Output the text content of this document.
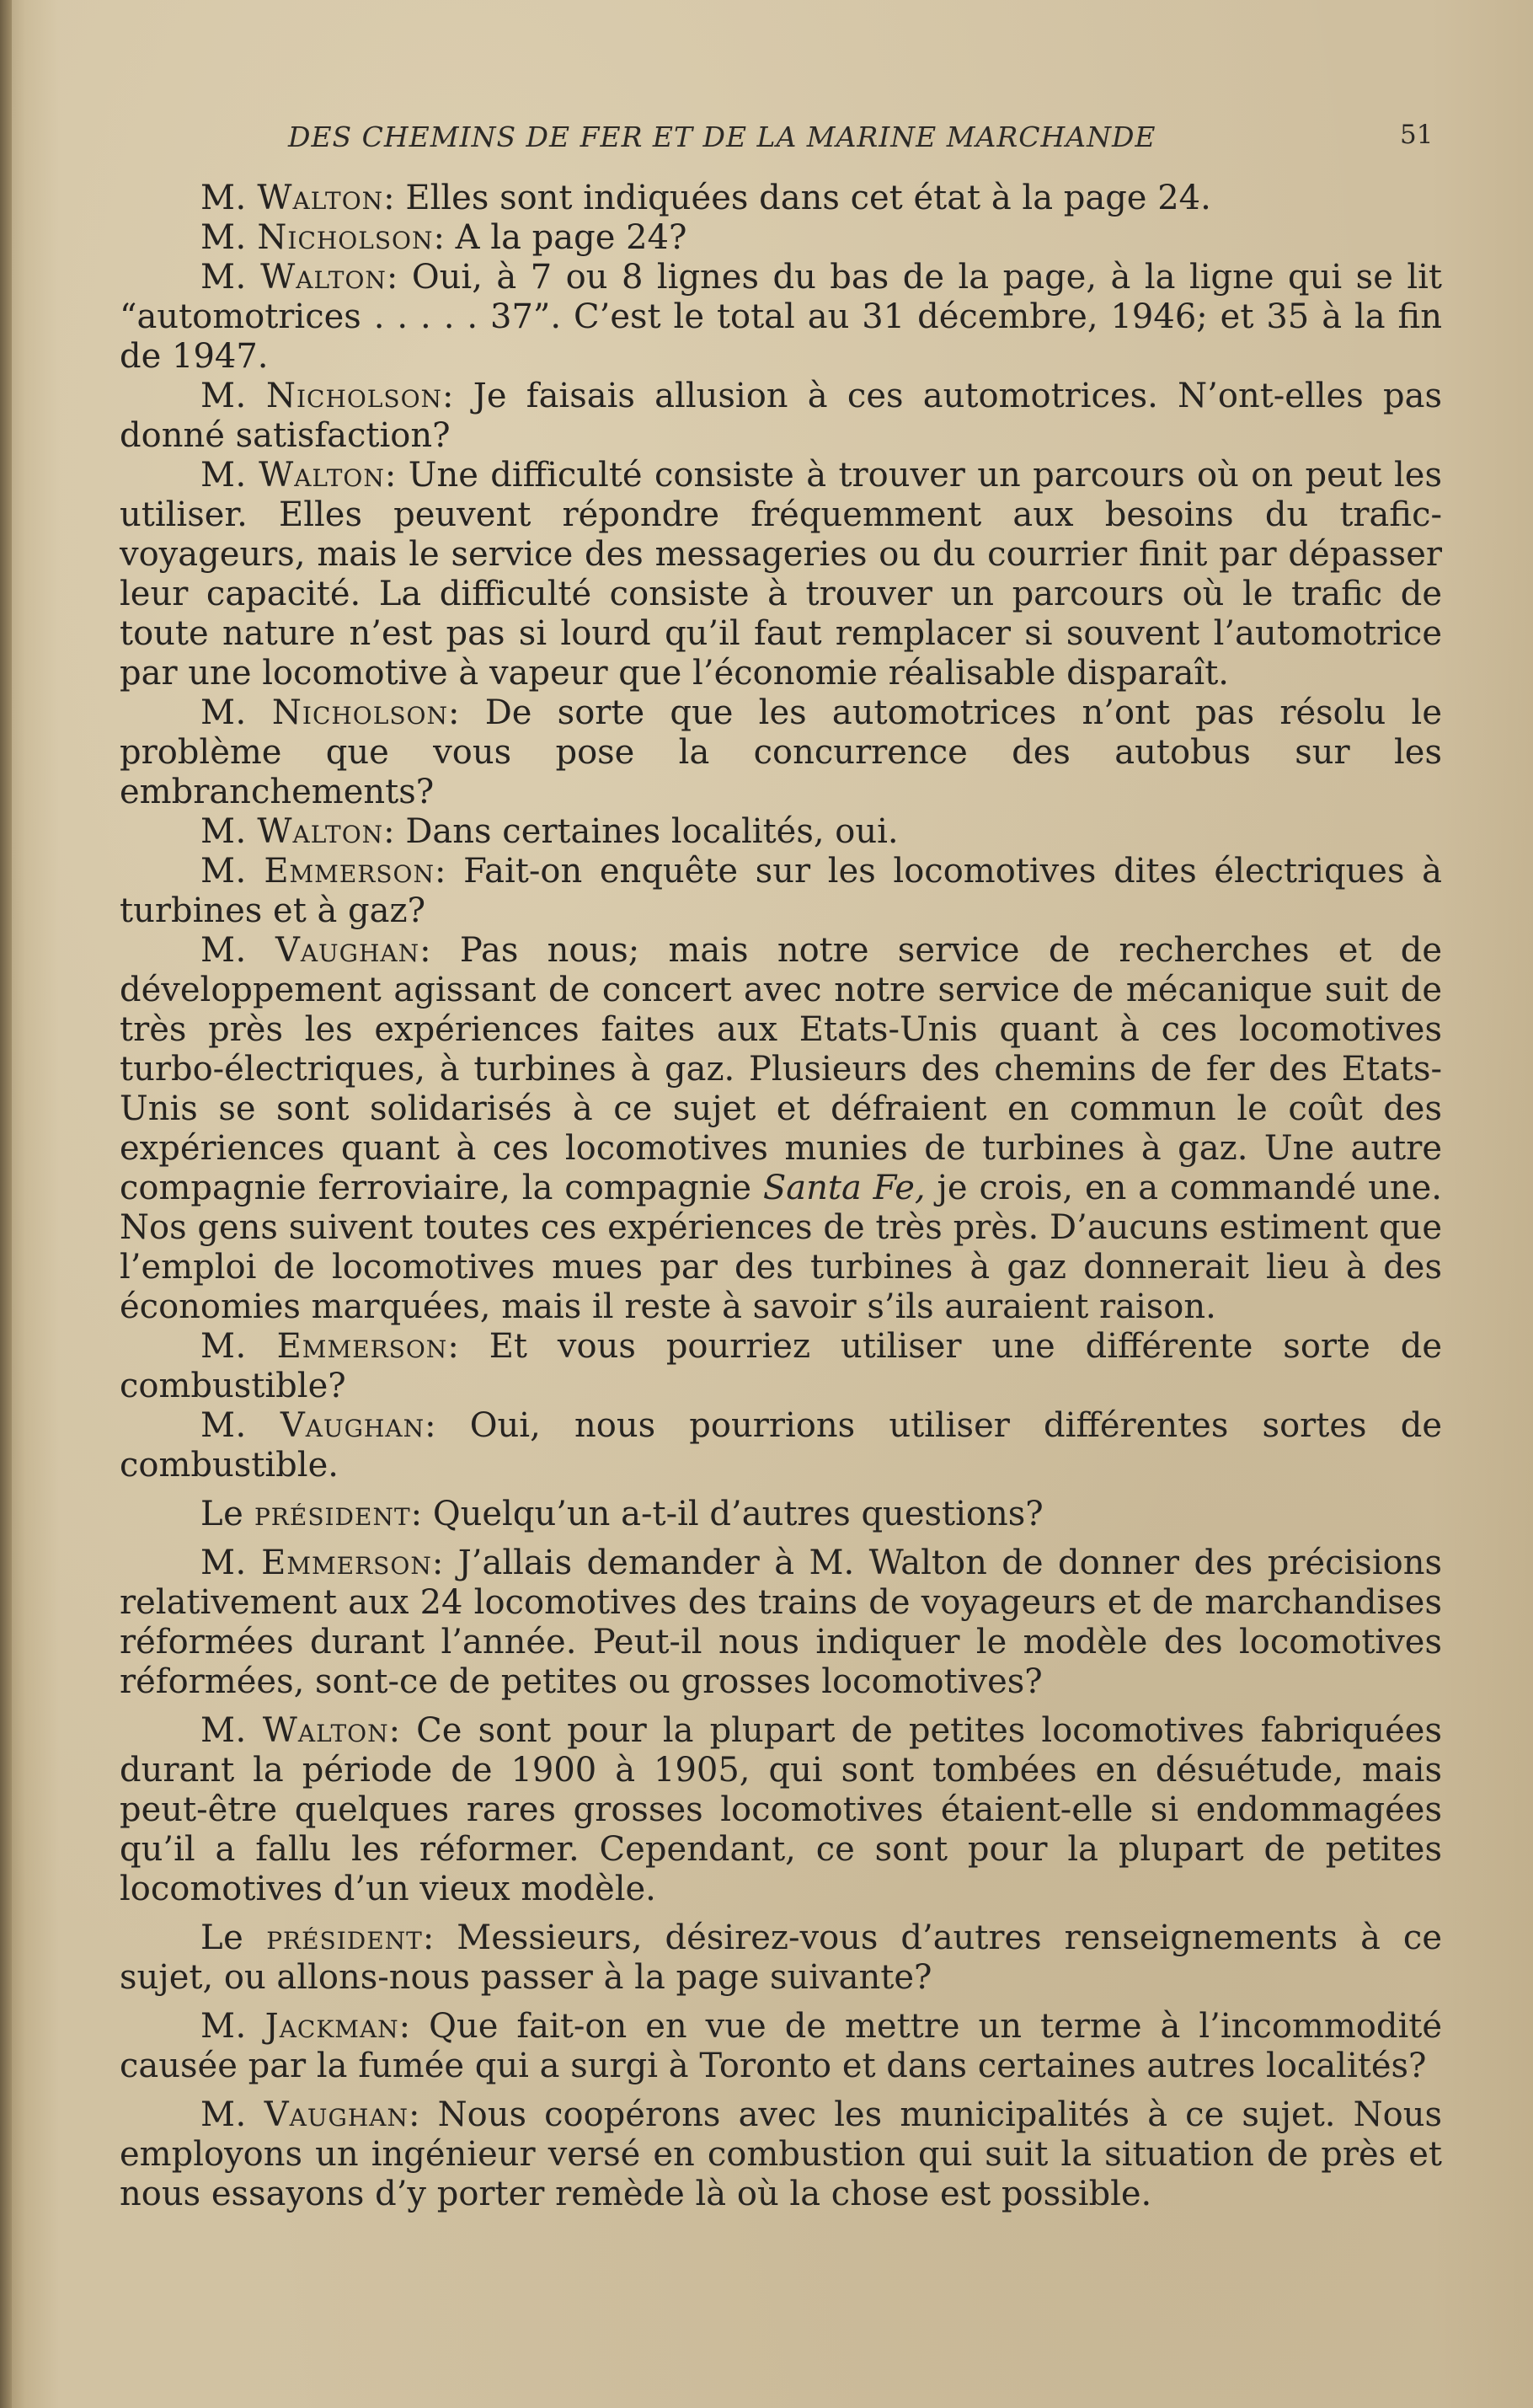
DES CHEMINS DE FER ET DE LA MARINE MARCHANDE	51

M. Walton: Elles sont indiquées dans cet état à la page 24.

M. Nicholson: A la page 24?

M. Walton: Oui, à 7 ou 8 lignes du bas de la page, à la ligne qui se lit “automotrices . . . . . 37”. C’est le total au 31 décembre, 1946; et 35 à la fin de 1947.

M. Nicholson: Je faisais allusion à ces automotrices. N’ont-elles pas donné satisfaction?

M. Walton: Une difficulté consiste à trouver un parcours où on peut les utiliser. Elles peuvent répondre fréquemment aux besoins du trafic-voyageurs, mais le service des messageries ou du courrier finit par dépasser leur capacité. La difficulté consiste à trouver un parcours où le trafic de toute nature n’est pas si lourd qu’il faut remplacer si souvent l’automotrice par une locomotive à vapeur que l’économie réalisable disparaît.

M. Nicholson: De sorte que les automotrices n’ont pas résolu le problème que vous pose la concurrence des autobus sur les embranchements?

M. Walton: Dans certaines localités, oui.

M. Emmerson: Fait-on enquête sur les locomotives dites électriques à turbines et à gaz?

M. Vaughan: Pas nous; mais notre service de recherches et de développement agissant de concert avec notre service de mécanique suit de très près les expériences faites aux Etats-Unis quant à ces locomotives turbo-électriques, à turbines à gaz. Plusieurs des chemins de fer des Etats-Unis se sont solidarisés à ce sujet et défraient en commun le coût des expériences quant à ces locomotives munies de turbines à gaz. Une autre compagnie ferroviaire, la compagnie Santa Fe, je crois, en a commandé une. Nos gens suivent toutes ces expériences de très près. D’aucuns estiment que l’emploi de locomotives mues par des turbines à gaz donnerait lieu à des économies marquées, mais il reste à savoir s’ils auraient raison.

M. Emmerson: Et vous pourriez utiliser une différente sorte de combustible?

M. Vaughan: Oui, nous pourrions utiliser différentes sortes de combustible.

Le président: Quelqu’un a-t-il d’autres questions?

M. Emmerson: J’allais demander à M. Walton de donner des précisions relativement aux 24 locomotives des trains de voyageurs et de marchandises réformées durant l’année. Peut-il nous indiquer le modèle des locomotives réformées, sont-ce de petites ou grosses locomotives?

M. Walton: Ce sont pour la plupart de petites locomotives fabriquées durant la période de 1900 à 1905, qui sont tombées en désuétude, mais peut-être quelques rares grosses locomotives étaient-elle si endommagées qu’il a fallu les réformer. Cependant, ce sont pour la plupart de petites locomotives d’un vieux modèle.

Le président: Messieurs, désirez-vous d’autres renseignements à ce sujet, ou allons-nous passer à la page suivante?

M. Jackman: Que fait-on en vue de mettre un terme à l’incommodité causée par la fumée qui a surgi à Toronto et dans certaines autres localités?

M. Vaughan: Nous coopérons avec les municipalités à ce sujet. Nous employons un ingénieur versé en combustion qui suit la situation de près et nous essayons d’y porter remède là où la chose est possible.
